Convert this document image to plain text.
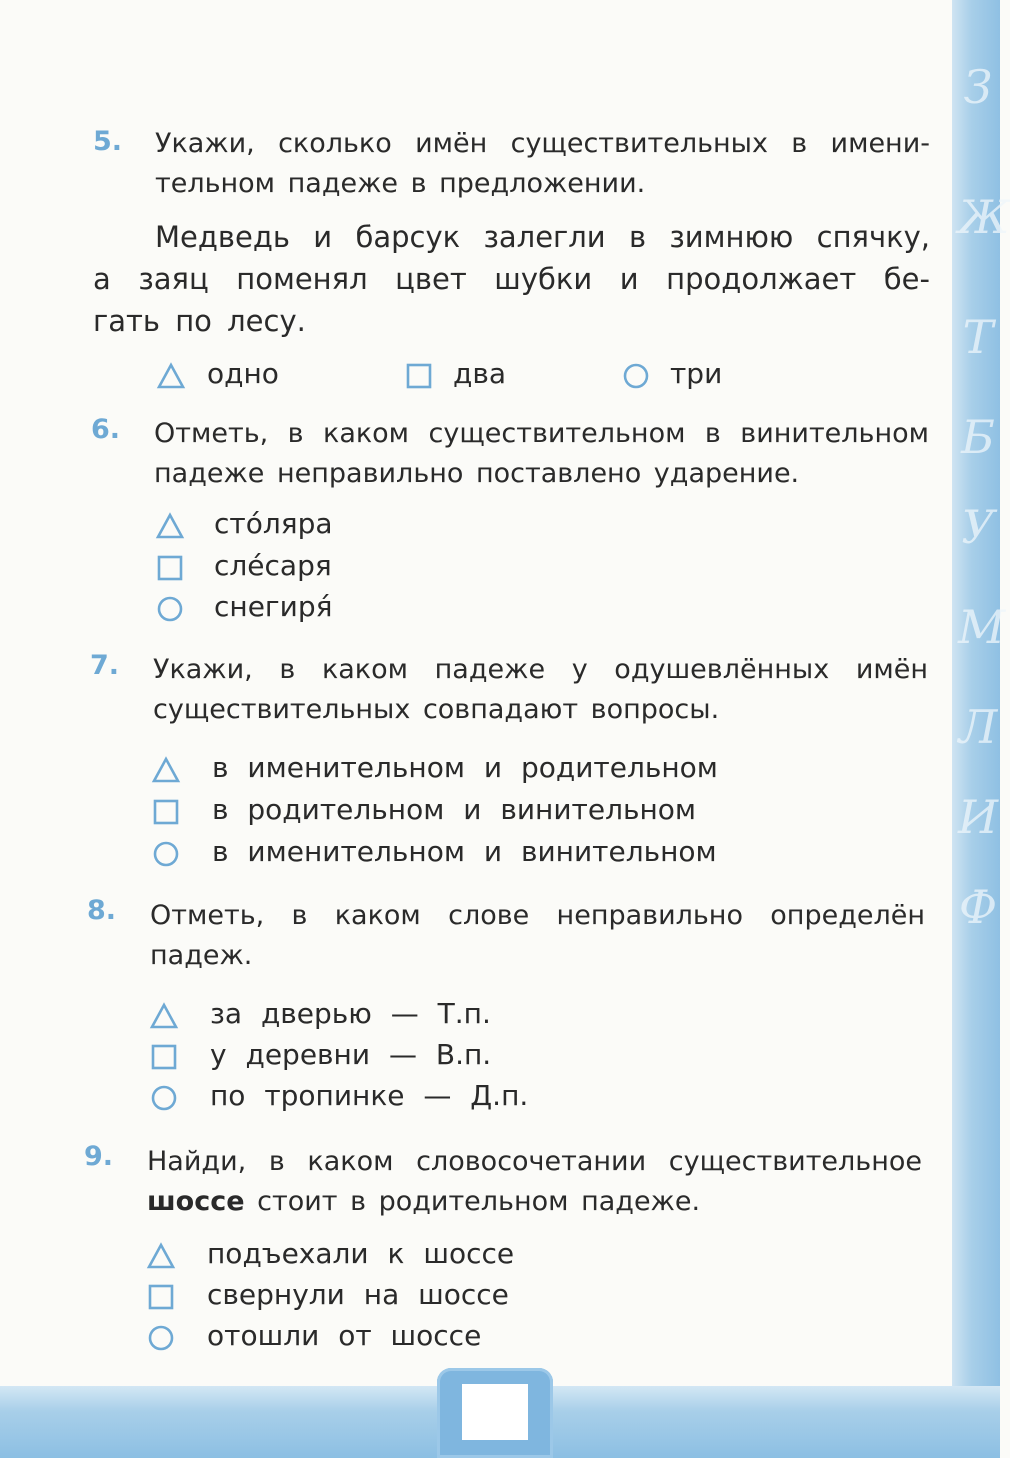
З
Ж
Т
Б
У
М
Л
И
Ф
5. Укажи, сколько имён существительных в имени-
тельном падеже в предложении.
Медведь и барсук залегли в зимнюю спячку,
а заяц поменял цвет шубки и продолжает бе-
гать по лесу.
одно	два	три
6. Отметь, в каком существительном в винительном
падеже неправильно поставлено ударение.
сто́ляра
сле́саря
снегиря́
7. Укажи, в каком падеже у одушевлённых имён
существительных совпадают вопросы.
в именительном и родительном
в родительном и винительном
в именительном и винительном
8. Отметь, в каком слове неправильно определён
падеж.
за дверью — Т.п.
у деревни — В.п.
по тропинке — Д.п.
9. Найди, в каком словосочетании существительное
шоссе стоит в родительном падеже.
подъехали к шоссе
свернули на шоссе
отошли от шоссе
